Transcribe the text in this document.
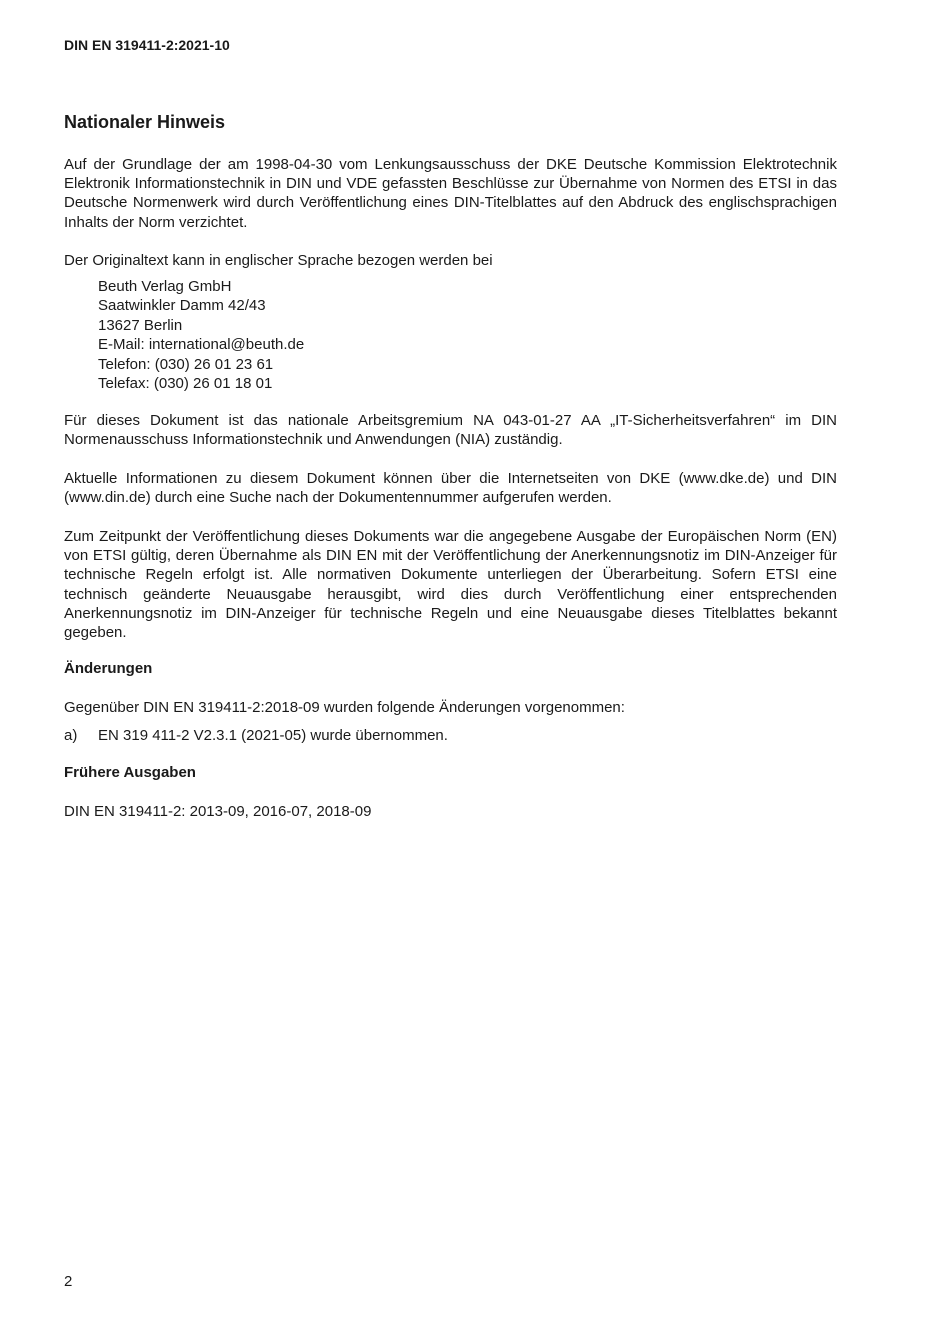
DIN EN 319411-2:2021-10
Nationaler Hinweis

Auf der Grundlage der am 1998-04-30 vom Lenkungsausschuss der DKE Deutsche Kommission Elektrotechnik Elektronik Informationstechnik in DIN und VDE gefassten Beschlüsse zur Übernahme von Normen des ETSI in das Deutsche Normenwerk wird durch Veröffentlichung eines DIN-Titelblattes auf den Abdruck des englischsprachigen Inhalts der Norm verzichtet.

Der Originaltext kann in englischer Sprache bezogen werden bei

Beuth Verlag GmbH
Saatwinkler Damm 42/43
13627 Berlin
E-Mail: international@beuth.de
Telefon: (030) 26 01 23 61
Telefax: (030) 26 01 18 01

Für dieses Dokument ist das nationale Arbeitsgremium NA 043-01-27 AA „IT-Sicherheitsverfahren“ im DIN Normenausschuss Informationstechnik und Anwendungen (NIA) zuständig.

Aktuelle Informationen zu diesem Dokument können über die Internetseiten von DKE (www.dke.de) und DIN (www.din.de) durch eine Suche nach der Dokumentennummer aufgerufen werden.

Zum Zeitpunkt der Veröffentlichung dieses Dokuments war die angegebene Ausgabe der Europäischen Norm (EN) von ETSI gültig, deren Übernahme als DIN EN mit der Veröffentlichung der Anerkennungsnotiz im DIN-Anzeiger für technische Regeln erfolgt ist. Alle normativen Dokumente unterliegen der Überarbeitung. Sofern ETSI eine technisch geänderte Neuausgabe herausgibt, wird dies durch Veröffentlichung einer entsprechenden Anerkennungsnotiz im DIN-Anzeiger für technische Regeln und eine Neuausgabe dieses Titelblattes bekannt gegeben.

Änderungen
Gegenüber DIN EN 319411-2:2018-09 wurden folgende Änderungen vorgenommen:
a) EN 319 411-2 V2.3.1 (2021-05) wurde übernommen.
Frühere Ausgaben
DIN EN 319411-2: 2013-09, 2016-07, 2018-09
2
